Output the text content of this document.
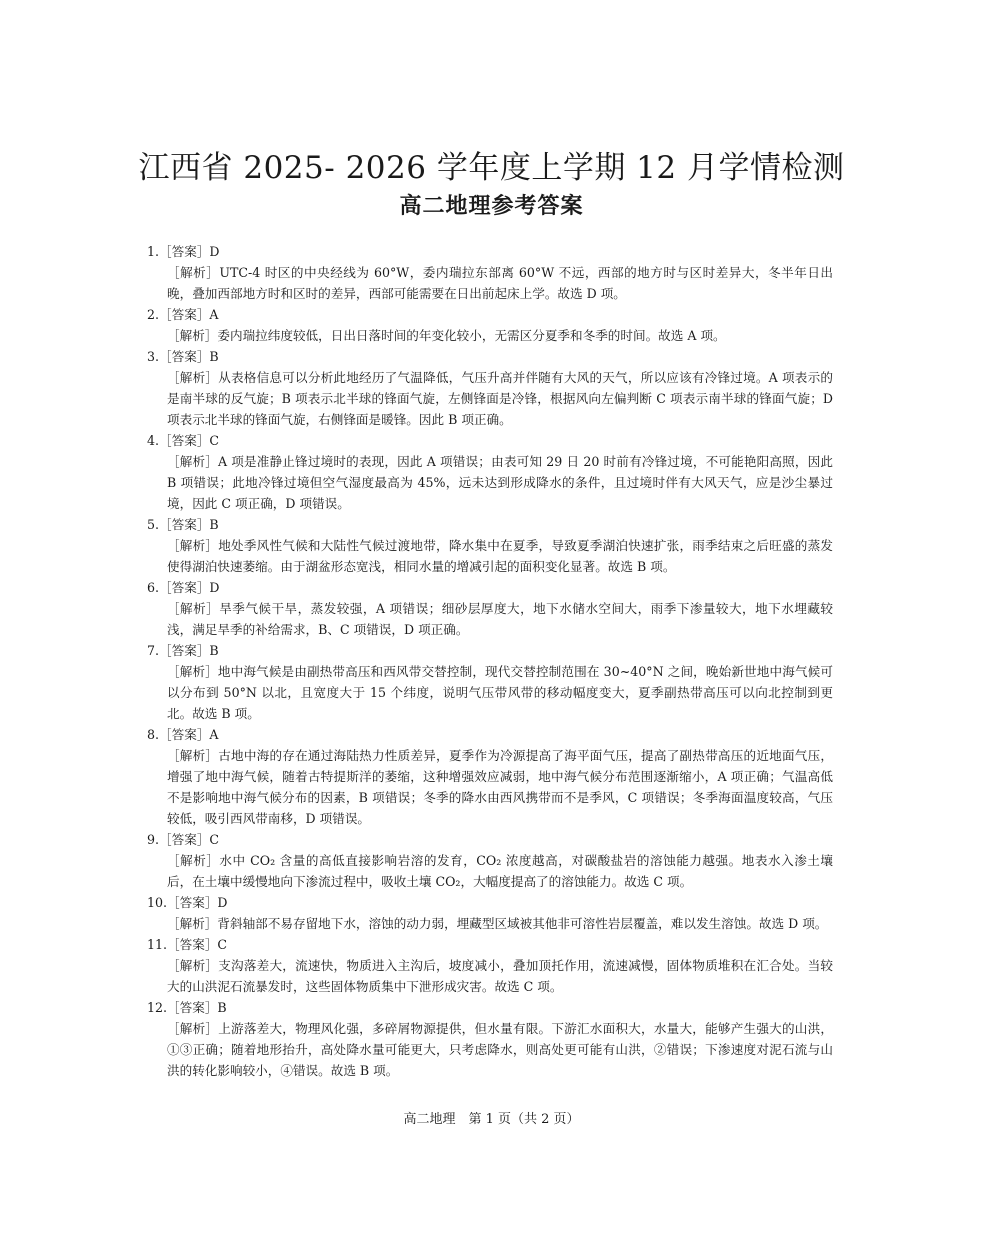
江西省 2025- 2026 学年度上学期 12 月学情检测
高二地理参考答案
1. ［答案］D
［解析］UTC-4 时区的中央经线为 60°W，委内瑞拉东部离 60°W 不远，西部的地方时与区时差异大，冬半年日出晚，叠加西部地方时和区时的差异，西部可能需要在日出前起床上学。故选 D 项。
2. ［答案］A
［解析］委内瑞拉纬度较低，日出日落时间的年变化较小，无需区分夏季和冬季的时间。故选 A 项。
3. ［答案］B
［解析］从表格信息可以分析此地经历了气温降低，气压升高并伴随有大风的天气，所以应该有冷锋过境。A 项表示的是南半球的反气旋；B 项表示北半球的锋面气旋，左侧锋面是冷锋，根据风向左偏判断 C 项表示南半球的锋面气旋；D 项表示北半球的锋面气旋，右侧锋面是暖锋。因此 B 项正确。
4. ［答案］C
［解析］A 项是准静止锋过境时的表现，因此 A 项错误；由表可知 29 日 20 时前有冷锋过境，不可能艳阳高照，因此 B 项错误；此地冷锋过境但空气湿度最高为 45%，远未达到形成降水的条件，且过境时伴有大风天气，应是沙尘暴过境，因此 C 项正确，D 项错误。
5. ［答案］B
［解析］地处季风性气候和大陆性气候过渡地带，降水集中在夏季，导致夏季湖泊快速扩张，雨季结束之后旺盛的蒸发使得湖泊快速萎缩。由于湖盆形态宽浅，相同水量的增减引起的面积变化显著。故选 B 项。
6. ［答案］D
［解析］旱季气候干旱，蒸发较强，A 项错误；细砂层厚度大，地下水储水空间大，雨季下渗量较大，地下水埋藏较浅，满足旱季的补给需求，B、C 项错误，D 项正确。
7. ［答案］B
［解析］地中海气候是由副热带高压和西风带交替控制，现代交替控制范围在 30~40°N 之间，晚始新世地中海气候可以分布到 50°N 以北，且宽度大于 15 个纬度，说明气压带风带的移动幅度变大，夏季副热带高压可以向北控制到更北。故选 B 项。
8. ［答案］A
［解析］古地中海的存在通过海陆热力性质差异，夏季作为冷源提高了海平面气压，提高了副热带高压的近地面气压，增强了地中海气候，随着古特提斯洋的萎缩，这种增强效应减弱，地中海气候分布范围逐渐缩小，A 项正确；气温高低不是影响地中海气候分布的因素，B 项错误；冬季的降水由西风携带而不是季风，C 项错误；冬季海面温度较高，气压较低，吸引西风带南移，D 项错误。
9. ［答案］C
［解析］水中 CO₂ 含量的高低直接影响岩溶的发育，CO₂ 浓度越高，对碳酸盐岩的溶蚀能力越强。地表水入渗土壤后，在土壤中缓慢地向下渗流过程中，吸收土壤 CO₂，大幅度提高了的溶蚀能力。故选 C 项。
10. ［答案］D
［解析］背斜轴部不易存留地下水，溶蚀的动力弱，埋藏型区域被其他非可溶性岩层覆盖，难以发生溶蚀。故选 D 项。
11. ［答案］C
［解析］支沟落差大，流速快，物质进入主沟后，坡度减小，叠加顶托作用，流速减慢，固体物质堆积在汇合处。当较大的山洪泥石流暴发时，这些固体物质集中下泄形成灾害。故选 C 项。
12. ［答案］B
［解析］上游落差大，物理风化强，多碎屑物源提供，但水量有限。下游汇水面积大，水量大，能够产生强大的山洪，①③正确；随着地形抬升，高处降水量可能更大，只考虑降水，则高处更可能有山洪，②错误；下渗速度对泥石流与山洪的转化影响较小，④错误。故选 B 项。
高二地理　第 1 页（共 2 页）
